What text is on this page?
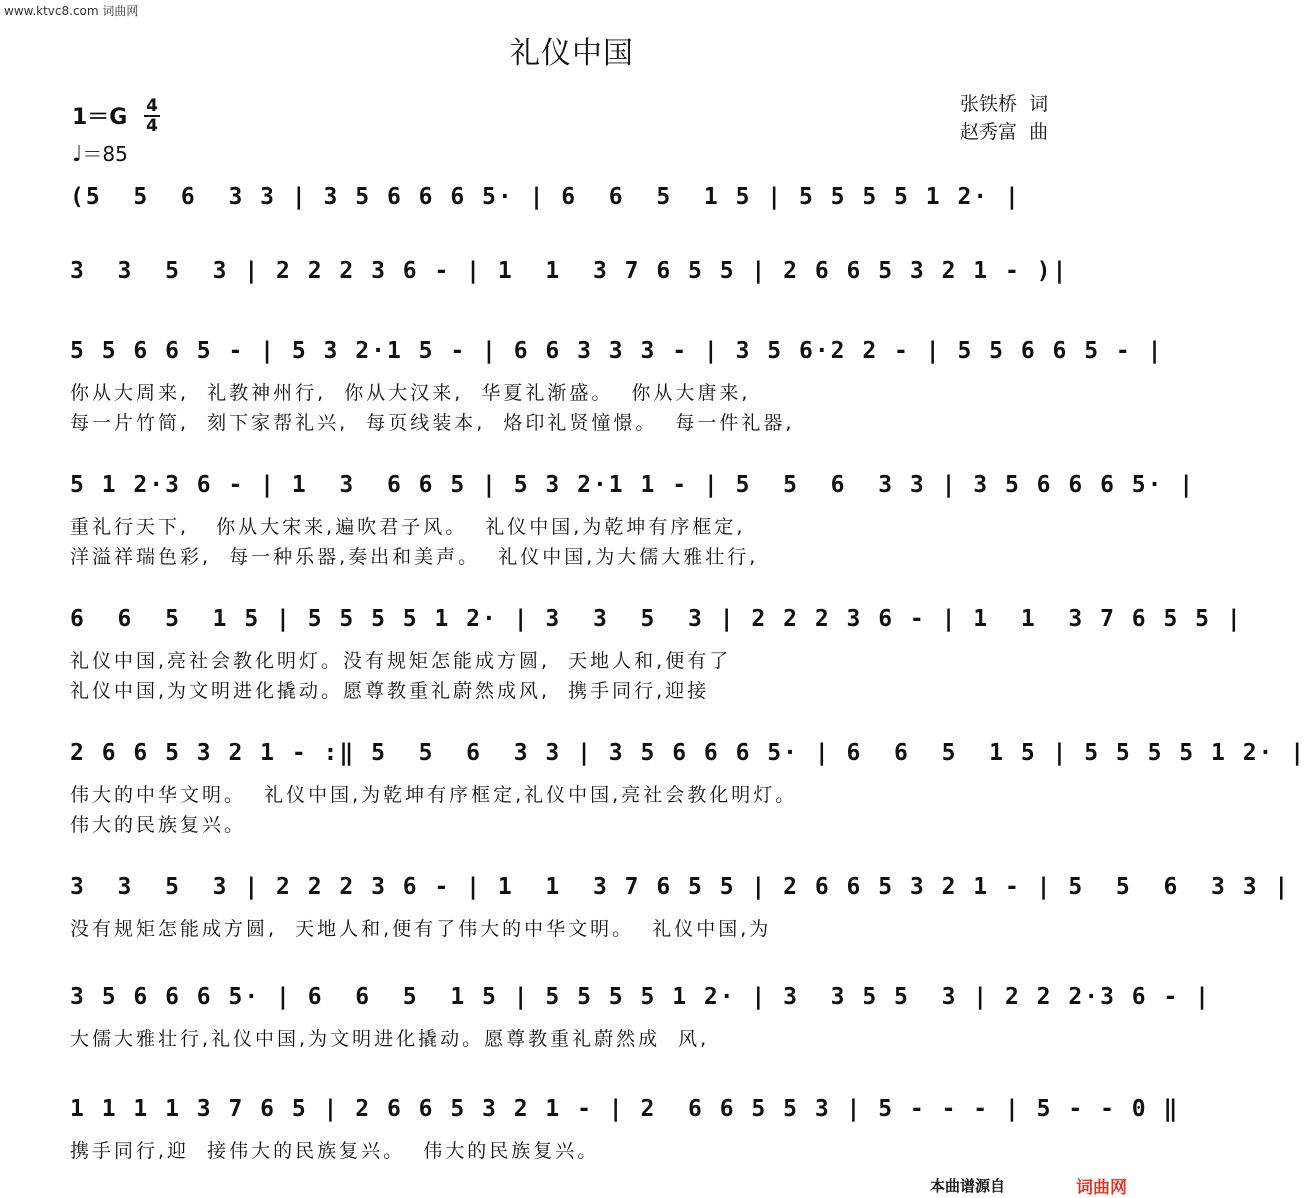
www.ktvc8.com 词曲网
礼仪中国
张铁桥  词
赵秀富  曲
1＝G 4
4
♩＝85
(5  5  6  3 3 | 3 5 6 6 6 5· | 6  6  5  1 5 | 5 5 5 5 1 2· |
3  3  5  3 | 2 2 2 3 6 - | 1  1  3 7 6 5 5 | 2 6 6 5 3 2 1 - )|
5 5 6 6 5 - | 5 3 2·1 5 - | 6 6 3 3 3 - | 3 5 6·2 2 - | 5 5 6 6 5 - |
你从大周来,  礼教神州行,  你从大汉来,  华夏礼渐盛。  你从大唐来,
每一片竹简,  刻下家帮礼兴,  每页线装本,  烙印礼贤憧憬。  每一件礼器,
5 1 2·3 6 - | 1  3  6 6 5 | 5 3 2·1 1 - | 5  5  6  3 3 | 3 5 6 6 6 5· |
重礼行天下,   你从大宋来,遍吹君子风。  礼仪中国,为乾坤有序框定,
洋溢祥瑞色彩,  每一种乐器,奏出和美声。  礼仪中国,为大儒大雅壮行,
6  6  5  1 5 | 5 5 5 5 1 2· | 3  3  5  3 | 2 2 2 3 6 - | 1  1  3 7 6 5 5 |
礼仪中国,亮社会教化明灯。没有规矩怎能成方圆,  天地人和,便有了
礼仪中国,为文明进化撬动。愿尊教重礼蔚然成风,  携手同行,迎接
2 6 6 5 3 2 1 - :‖ 5  5  6  3 3 | 3 5 6 6 6 5· | 6  6  5  1 5 | 5 5 5 5 1 2· |
伟大的中华文明。  礼仪中国,为乾坤有序框定,礼仪中国,亮社会教化明灯。
伟大的民族复兴。
3  3  5  3 | 2 2 2 3 6 - | 1  1  3 7 6 5 5 | 2 6 6 5 3 2 1 - | 5  5  6  3 3 |
没有规矩怎能成方圆,  天地人和,便有了伟大的中华文明。  礼仪中国,为
3 5 6 6 6 5· | 6  6  5  1 5 | 5 5 5 5 1 2· | 3  3 5 5  3 | 2 2 2·3 6 - |
大儒大雅壮行,礼仪中国,为文明进化撬动。愿尊教重礼蔚然成  风,
1 1 1 1 3 7 6 5 | 2 6 6 5 3 2 1 - | 2  6 6 5 5 3 | 5 - - - | 5 - - 0 ‖
携手同行,迎  接伟大的民族复兴。  伟大的民族复兴。
本曲谱源自	词曲网
